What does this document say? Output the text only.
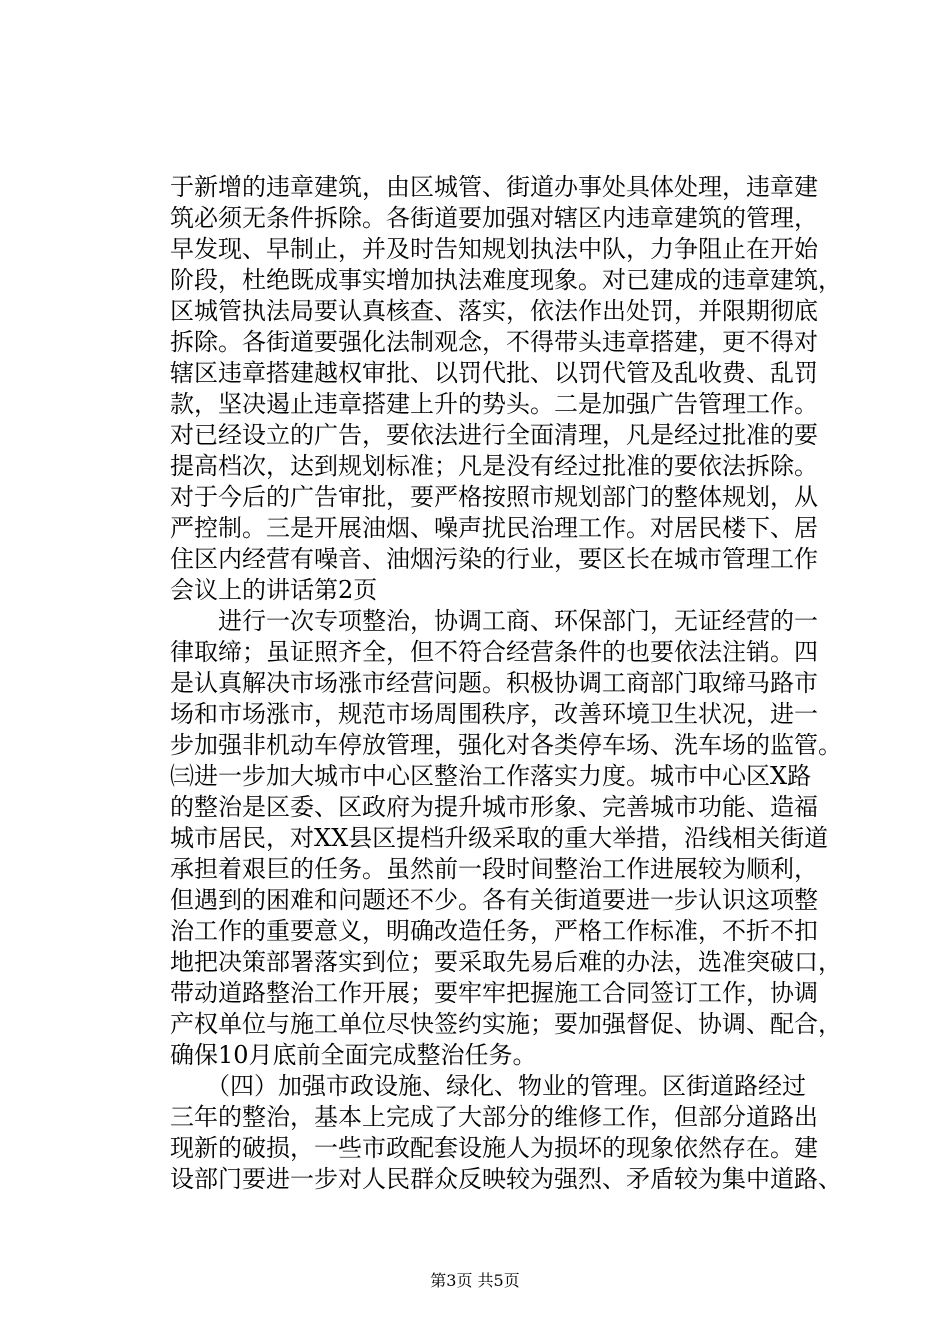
于新增的违章建筑，由区城管、街道办事处具体处理，违章建
筑必须无条件拆除。各街道要加强对辖区内违章建筑的管理，
早发现、早制止，并及时告知规划执法中队，力争阻止在开始
阶段，杜绝既成事实增加执法难度现象。对已建成的违章建筑，
区城管执法局要认真核查、落实，依法作出处罚，并限期彻底
拆除。各街道要强化法制观念，不得带头违章搭建，更不得对
辖区违章搭建越权审批、以罚代批、以罚代管及乱收费、乱罚
款，坚决遏止违章搭建上升的势头。二是加强广告管理工作。
对已经设立的广告，要依法进行全面清理，凡是经过批准的要
提高档次，达到规划标准；凡是没有经过批准的要依法拆除。
对于今后的广告审批，要严格按照市规划部门的整体规划，从
严控制。三是开展油烟、噪声扰民治理工作。对居民楼下、居
住区内经营有噪音、油烟污染的行业，要区长在城市管理工作
会议上的讲话第2页
　　进行一次专项整治，协调工商、环保部门，无证经营的一
律取缔；虽证照齐全，但不符合经营条件的也要依法注销。四
是认真解决市场涨市经营问题。积极协调工商部门取缔马路市
场和市场涨市，规范市场周围秩序，改善环境卫生状况，进一
步加强非机动车停放管理，强化对各类停车场、洗车场的监管。
㈢进一步加大城市中心区整治工作落实力度。城市中心区X路
的整治是区委、区政府为提升城市形象、完善城市功能、造福
城市居民，对XX县区提档升级采取的重大举措，沿线相关街道
承担着艰巨的任务。虽然前一段时间整治工作进展较为顺利，
但遇到的困难和问题还不少。各有关街道要进一步认识这项整
治工作的重要意义，明确改造任务，严格工作标准，不折不扣
地把决策部署落实到位；要采取先易后难的办法，选准突破口，
带动道路整治工作开展；要牢牢把握施工合同签订工作，协调
产权单位与施工单位尽快签约实施；要加强督促、协调、配合，
确保10月底前全面完成整治任务。
　　（四）加强市政设施、绿化、物业的管理。区街道路经过
三年的整治，基本上完成了大部分的维修工作，但部分道路出
现新的破损，一些市政配套设施人为损坏的现象依然存在。建
设部门要进一步对人民群众反映较为强烈、矛盾较为集中道路、
第3页 共5页
